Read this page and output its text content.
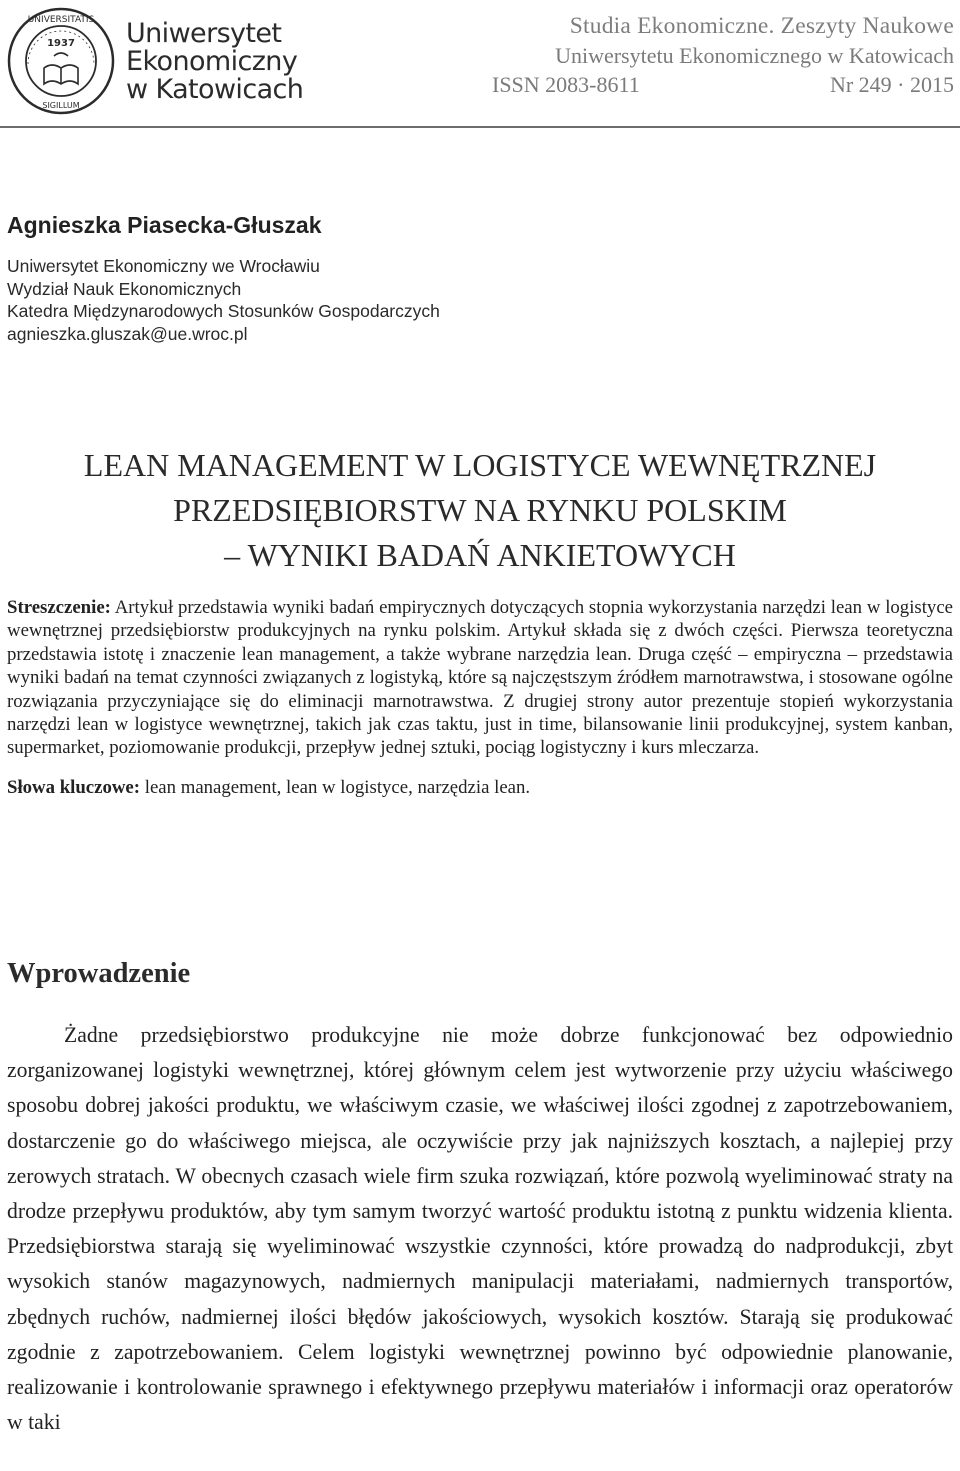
UNIVERSITATIS
SIGILLUM
1937 Uniwersytet
Ekonomiczny
w Katowicach
Studia Ekonomiczne. Zeszyty Naukowe
Uniwersytetu Ekonomicznego w Katowicach
ISSN 2083-8611	Nr 249 · 2015
Agnieszka Piasecka-Głuszak
Uniwersytet Ekonomiczny we Wrocławiu
Wydział Nauk Ekonomicznych
Katedra Międzynarodowych Stosunków Gospodarczych
agnieszka.gluszak@ue.wroc.pl
LEAN MANAGEMENT W LOGISTYCE WEWNĘTRZNEJ
PRZEDSIĘBIORSTW NA RYNKU POLSKIM
– WYNIKI BADAŃ ANKIETOWYCH
Streszczenie: Artykuł przedstawia wyniki badań empirycznych dotyczących stopnia wykorzystania narzędzi lean w logistyce wewnętrznej przedsiębiorstw produkcyjnych na rynku polskim. Artykuł składa się z dwóch części. Pierwsza teoretyczna przedstawia istotę i znaczenie lean management, a także wybrane narzędzia lean. Druga część – empiryczna – przedstawia wyniki badań na temat czynności związanych z logistyką, które są najczęstszym źródłem marnotrawstwa, i stosowane ogólne rozwiązania przyczyniające się do eliminacji marnotrawstwa. Z drugiej strony autor prezentuje stopień wykorzystania narzędzi lean w logistyce wewnętrznej, takich jak czas taktu, just in time, bilansowanie linii produkcyjnej, system kanban, supermarket, poziomowanie produkcji, przepływ jednej sztuki, pociąg logistyczny i kurs mleczarza.
Słowa kluczowe: lean management, lean w logistyce, narzędzia lean.
Wprowadzenie
Żadne przedsiębiorstwo produkcyjne nie może dobrze funkcjonować bez odpowiednio zorganizowanej logistyki wewnętrznej, której głównym celem jest wytworzenie przy użyciu właściwego sposobu dobrej jakości produktu, we właściwym czasie, we właściwej ilości zgodnej z zapotrzebowaniem, dostarczenie go do właściwego miejsca, ale oczywiście przy jak najniższych kosztach, a najlepiej przy zerowych stratach. W obecnych czasach wiele firm szuka rozwiązań, które pozwolą wyeliminować straty na drodze przepływu produktów, aby tym samym tworzyć wartość produktu istotną z punktu widzenia klienta. Przedsiębiorstwa starają się wyeliminować wszystkie czynności, które prowadzą do nadprodukcji, zbyt wysokich stanów magazynowych, nadmiernych manipulacji materiałami, nadmiernych transportów, zbędnych ruchów, nadmiernej ilości błędów jakościowych, wysokich kosztów. Starają się produkować zgodnie z zapotrzebowaniem. Celem logistyki wewnętrznej powinno być odpowiednie planowanie, realizowanie i kontrolowanie sprawnego i efektywnego przepływu materiałów i informacji oraz operatorów w taki
